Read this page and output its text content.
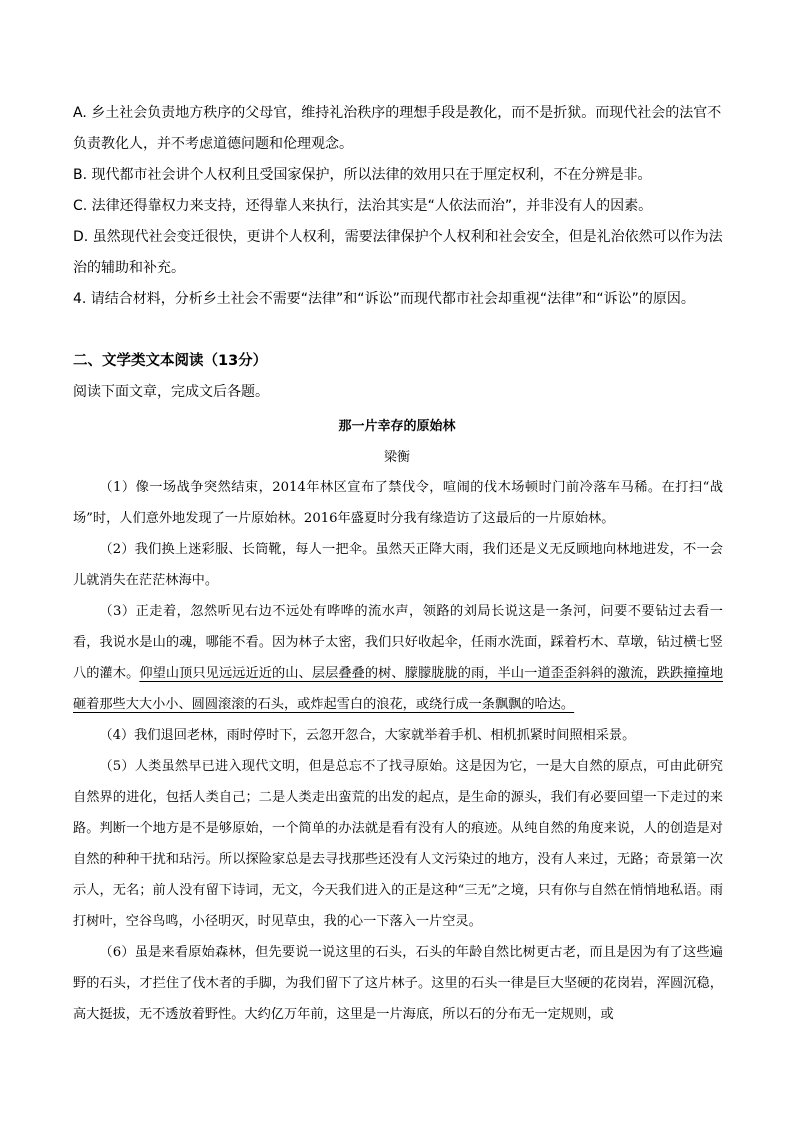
A. 乡土社会负责地方秩序的父母官，维持礼治秩序的理想手段是教化，而不是折狱。而现代社会的法官不负责教化人，并不考虑道德问题和伦理观念。

B. 现代都市社会讲个人权利且受国家保护，所以法律的效用只在于厘定权利，不在分辨是非。

C. 法律还得靠权力来支持，还得靠人来执行，法治其实是“人依法而治”，并非没有人的因素。

D. 虽然现代社会变迁很快，更讲个人权利，需要法律保护个人权利和社会安全，但是礼治依然可以作为法治的辅助和补充。

4. 请结合材料，分析乡土社会不需要“法律”和“诉讼”而现代都市社会却重视“法律”和“诉讼”的原因。

二、文学类文本阅读（13分）

阅读下面文章，完成文后各题。

那一片幸存的原始林

梁衡

（1）像一场战争突然结束，2014年林区宣布了禁伐令，喧闹的伐木场顿时门前冷落车马稀。在打扫“战场”时，人们意外地发现了一片原始林。2016年盛夏时分我有缘造访了这最后的一片原始林。

（2）我们换上迷彩服、长筒靴，每人一把伞。虽然天正降大雨，我们还是义无反顾地向林地进发，不一会儿就消失在茫茫林海中。

（3）正走着，忽然听见右边不远处有哗哗的流水声，领路的刘局长说这是一条河，问要不要钻过去看一看，我说水是山的魂，哪能不看。因为林子太密，我们只好收起伞，任雨水洗面，踩着朽木、草墩，钻过横七竖八的灌木。仰望山顶只见远远近近的山、层层叠叠的树、朦朦胧胧的雨，半山一道歪歪斜斜的激流，跌跌撞撞地砸着那些大大小小、圆圆滚滚的石头，或炸起雪白的浪花，或绕行成一条飘飘的哈达。

（4）我们退回老林，雨时停时下，云忽开忽合，大家就举着手机、相机抓紧时间照相采景。

（5）人类虽然早已进入现代文明，但是总忘不了找寻原始。这是因为它，一是大自然的原点，可由此研究自然界的进化，包括人类自己；二是人类走出蛮荒的出发的起点，是生命的源头，我们有必要回望一下走过的来路。判断一个地方是不是够原始，一个简单的办法就是看有没有人的痕迹。从纯自然的角度来说，人的创造是对自然的种种干扰和玷污。所以探险家总是去寻找那些还没有人文污染过的地方，没有人来过，无路；奇景第一次示人，无名；前人没有留下诗词，无文，今天我们进入的正是这种“三无”之境，只有你与自然在悄悄地私语。雨打树叶，空谷鸟鸣，小径明灭，时见草虫，我的心一下落入一片空灵。

（6）虽是来看原始森林，但先要说一说这里的石头，石头的年龄自然比树更古老，而且是因为有了这些遍野的石头，才拦住了伐木者的手脚，为我们留下了这片林子。这里的石头一律是巨大坚硬的花岗岩，浑圆沉稳，高大挺拔，无不透放着野性。大约亿万年前，这里是一片海底，所以石的分布无一定规则，或
